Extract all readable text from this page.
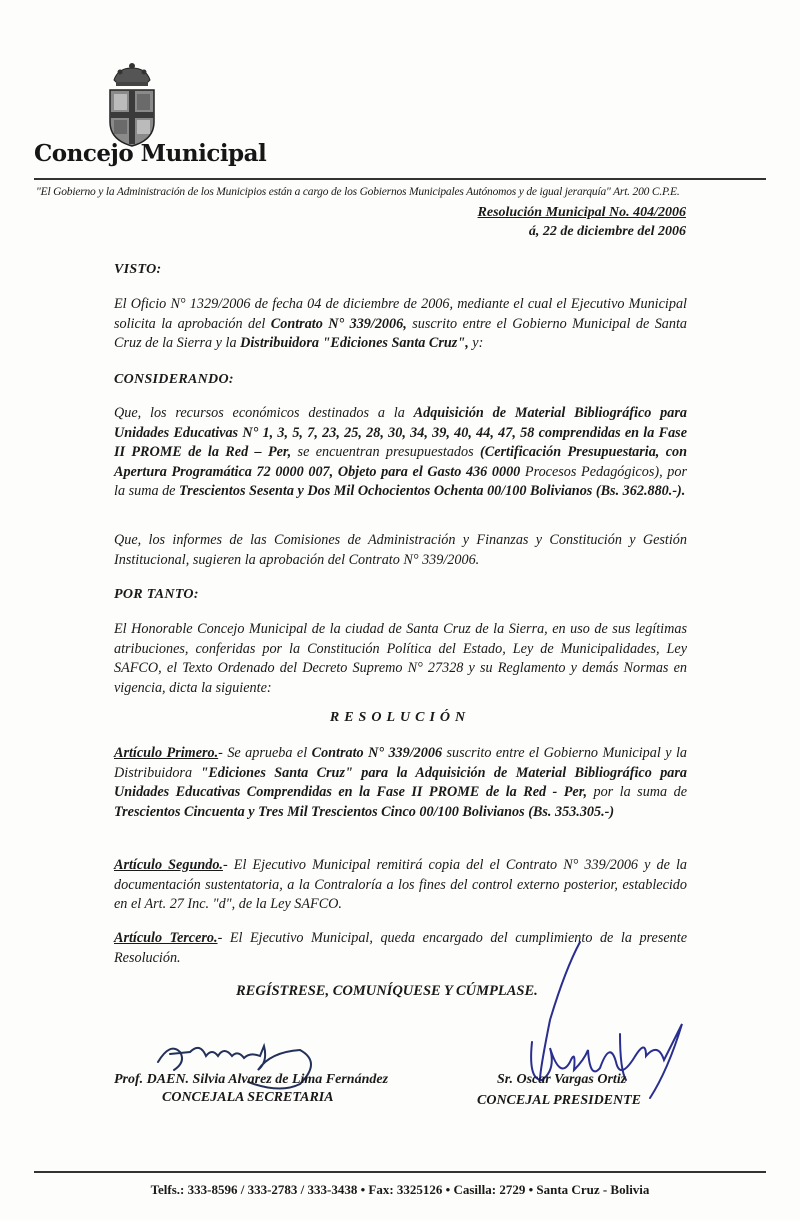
Concejo Municipal
"El Gobierno y la Administración de los Municipios están a cargo de los Gobiernos Municipales Autónomos y de igual jerarquía" Art. 200 C.P.E.
Resolución Municipal No. 404/2006
á, 22 de diciembre del 2006
VISTO:
El Oficio N° 1329/2006 de fecha 04 de diciembre de 2006, mediante el cual el Ejecutivo Municipal solicita la aprobación del Contrato N° 339/2006, suscrito entre el Gobierno Municipal de Santa Cruz de la Sierra y la Distribuidora "Ediciones Santa Cruz", y:
CONSIDERANDO:
Que, los recursos económicos destinados a la Adquisición de Material Bibliográfico para Unidades Educativas N° 1, 3, 5, 7, 23, 25, 28, 30, 34, 39, 40, 44, 47, 58 comprendidas en la Fase II PROME de la Red – Per, se encuentran presupuestados (Certificación Presupuestaria, con Apertura Programática 72 0000 007, Objeto para el Gasto 436 0000 Procesos Pedagógicos), por la suma de Trescientos Sesenta y Dos Mil Ochocientos Ochenta 00/100 Bolivianos (Bs. 362.880.-).
Que, los informes de las Comisiones de Administración y Finanzas y Constitución y Gestión Institucional, sugieren la aprobación del Contrato N° 339/2006.
POR TANTO:
El Honorable Concejo Municipal de la ciudad de Santa Cruz de la Sierra, en uso de sus legítimas atribuciones, conferidas por la Constitución Política del Estado, Ley de Municipalidades, Ley SAFCO, el Texto Ordenado del Decreto Supremo N° 27328 y su Reglamento y demás Normas en vigencia, dicta la siguiente:
RESOLUCIÓN
Artículo Primero.- Se aprueba el Contrato N° 339/2006 suscrito entre el Gobierno Municipal y la Distribuidora "Ediciones Santa Cruz" para la Adquisición de Material Bibliográfico para Unidades Educativas Comprendidas en la Fase II PROME de la Red - Per, por la suma de Trescientos Cincuenta y Tres Mil Trescientos Cinco 00/100 Bolivianos (Bs. 353.305.-)
Artículo Segundo.- El Ejecutivo Municipal remitirá copia del el Contrato N° 339/2006 y de la documentación sustentatoria, a la Contraloría a los fines del control externo posterior, establecido en el Art. 27 Inc. "d", de la Ley SAFCO.
Artículo Tercero.- El Ejecutivo Municipal, queda encargado del cumplimiento de la presente Resolución.
REGÍSTRESE, COMUNÍQUESE Y CÚMPLASE.
Prof. DAEN. Silvia Alvarez de Lima Fernández
CONCEJALA SECRETARIA
Sr. Oscar Vargas Ortiz
CONCEJAL PRESIDENTE
Telfs.: 333-8596 / 333-2783 / 333-3438 • Fax: 3325126 • Casilla: 2729 • Santa Cruz - Bolivia
